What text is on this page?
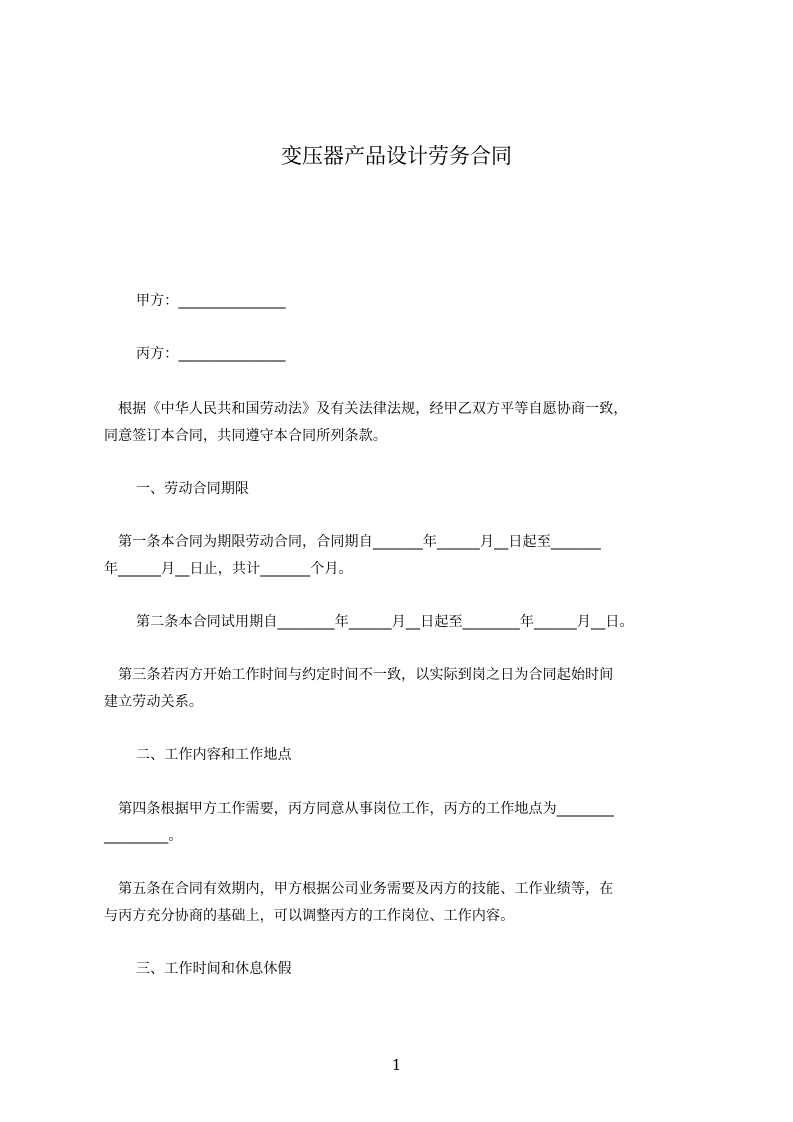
变压器产品设计劳务合同
甲方：_______________
丙方：_______________
　根据《中华人民共和国劳动法》及有关法律法规，经甲乙双方平等自愿协商一致，
同意签订本合同，共同遵守本合同所列条款。
一、劳动合同期限
　第一条本合同为期限劳动合同，合同期自_______年______月__日起至_______
年______月__日止，共计_______个月。
第二条本合同试用期自________年______月__日起至________年______月__日。
　第三条若丙方开始工作时间与约定时间不一致，以实际到岗之日为合同起始时间
建立劳动关系。
二、工作内容和工作地点
　第四条根据甲方工作需要，丙方同意从事岗位工作，丙方的工作地点为________
_________。
　第五条在合同有效期内，甲方根据公司业务需要及丙方的技能、工作业绩等，在
与丙方充分协商的基础上，可以调整丙方的工作岗位、工作内容。
三、工作时间和休息休假
1
